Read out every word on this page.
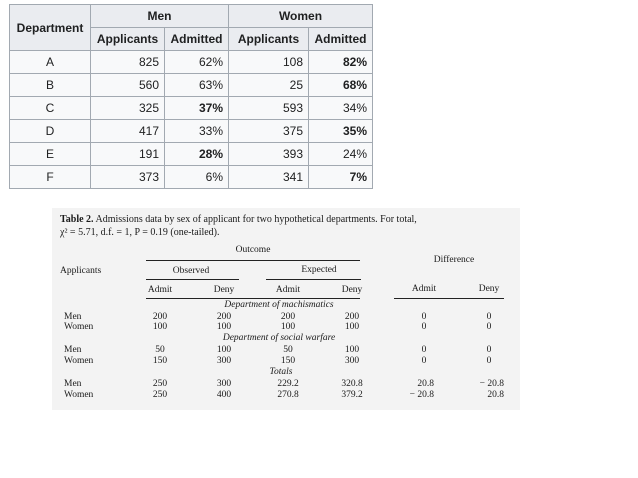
Department	Men		Women	
	Applicants	Admitted	Applicants	Admitted
A	825	62%	108	82%
B	560	63%	25	68%
C	325	37%	593	34%
D	417	33%	375	35%
E	191	28%	393	24%
F	373	6%	341	7%
Table 2. Admissions data by sex of applicant for two hypothetical departments. For total,
χ² = 5.71, d.f. = 1, P = 0.19 (one-tailed).
Outcome
Difference
Applicants	Observed	Expected
Admit	Deny	Admit	Deny	Admit	Deny
Department of machismatics
Men	200	200	200	200	0	0
Women	100	100	100	100	0	0
Department of social warfare
Men	50	100	50	100	0	0
Women	150	300	150	300	0	0
Totals
Men	250	300	229.2	320.8	20.8	− 20.8
Women	250	400	270.8	379.2	− 20.8	20.8
